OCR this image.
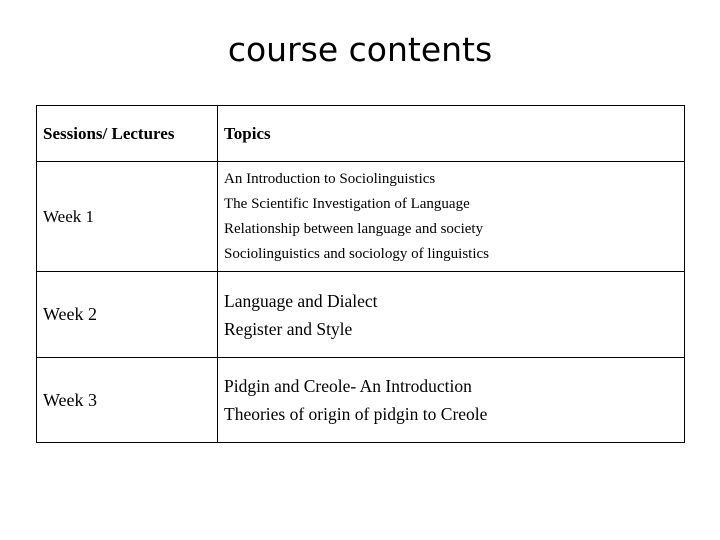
course contents
Sessions/ Lectures	Topics
Week 1	An Introduction to Sociolinguistics
The Scientific Investigation of Language
Relationship between language and society
Sociolinguistics and sociology of linguistics

Week 2	Language and Dialect
Register and Style

Week 3	Pidgin and Creole- An Introduction
Theories of origin of pidgin to Creole
